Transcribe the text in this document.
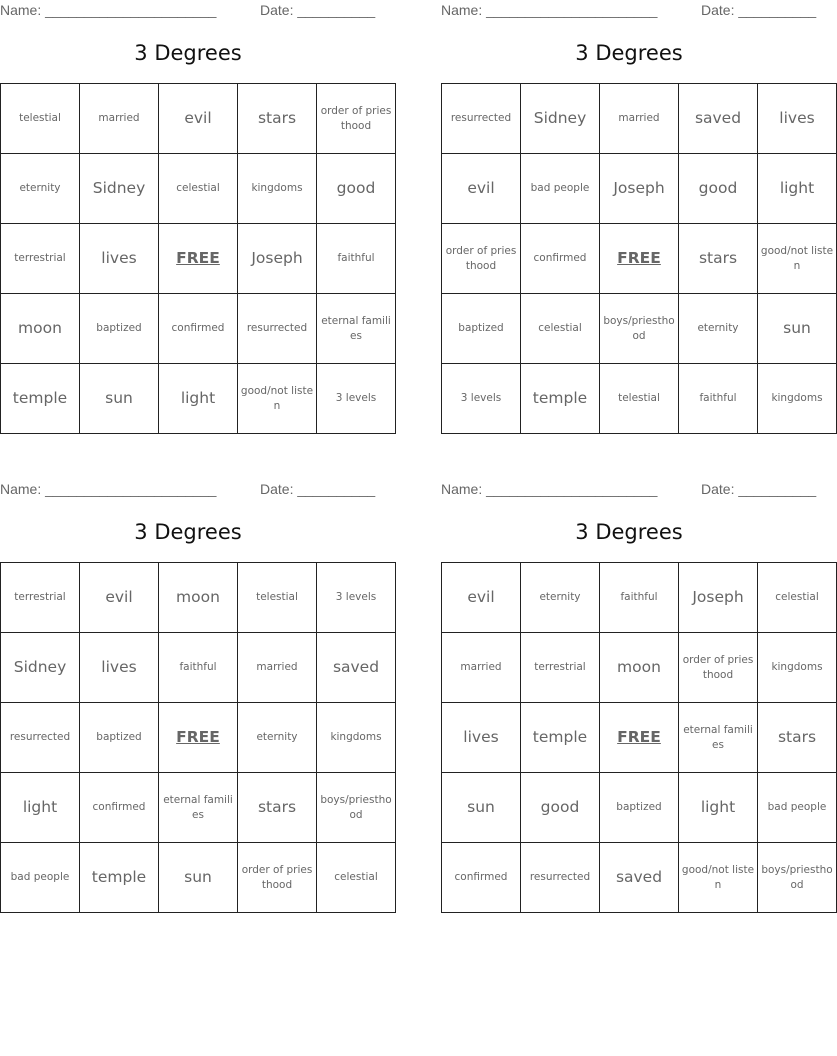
Name: ______________________	Date: __________
3 Degrees
telestial	married	evil	stars	order of priesthood
eternity	Sidney	celestial	kingdoms	good
terrestrial	lives	FREE	Joseph	faithful
moon	baptized	confirmed	resurrected	eternal families
temple	sun	light	good/not listen	3 levels
Name: ______________________	Date: __________
3 Degrees
resurrected	Sidney	married	saved	lives
evil	bad people	Joseph	good	light
order of priesthood	confirmed	FREE	stars	good/not listen
baptized	celestial	boys/priesthood	eternity	sun
3 levels	temple	telestial	faithful	kingdoms
Name: ______________________	Date: __________
3 Degrees
terrestrial	evil	moon	telestial	3 levels
Sidney	lives	faithful	married	saved
resurrected	baptized	FREE	eternity	kingdoms
light	confirmed	eternal families	stars	boys/priesthood
bad people	temple	sun	order of priesthood	celestial
Name: ______________________	Date: __________
3 Degrees
evil	eternity	faithful	Joseph	celestial
married	terrestrial	moon	order of priesthood	kingdoms
lives	temple	FREE	eternal families	stars
sun	good	baptized	light	bad people
confirmed	resurrected	saved	good/not listen	boys/priesthood
